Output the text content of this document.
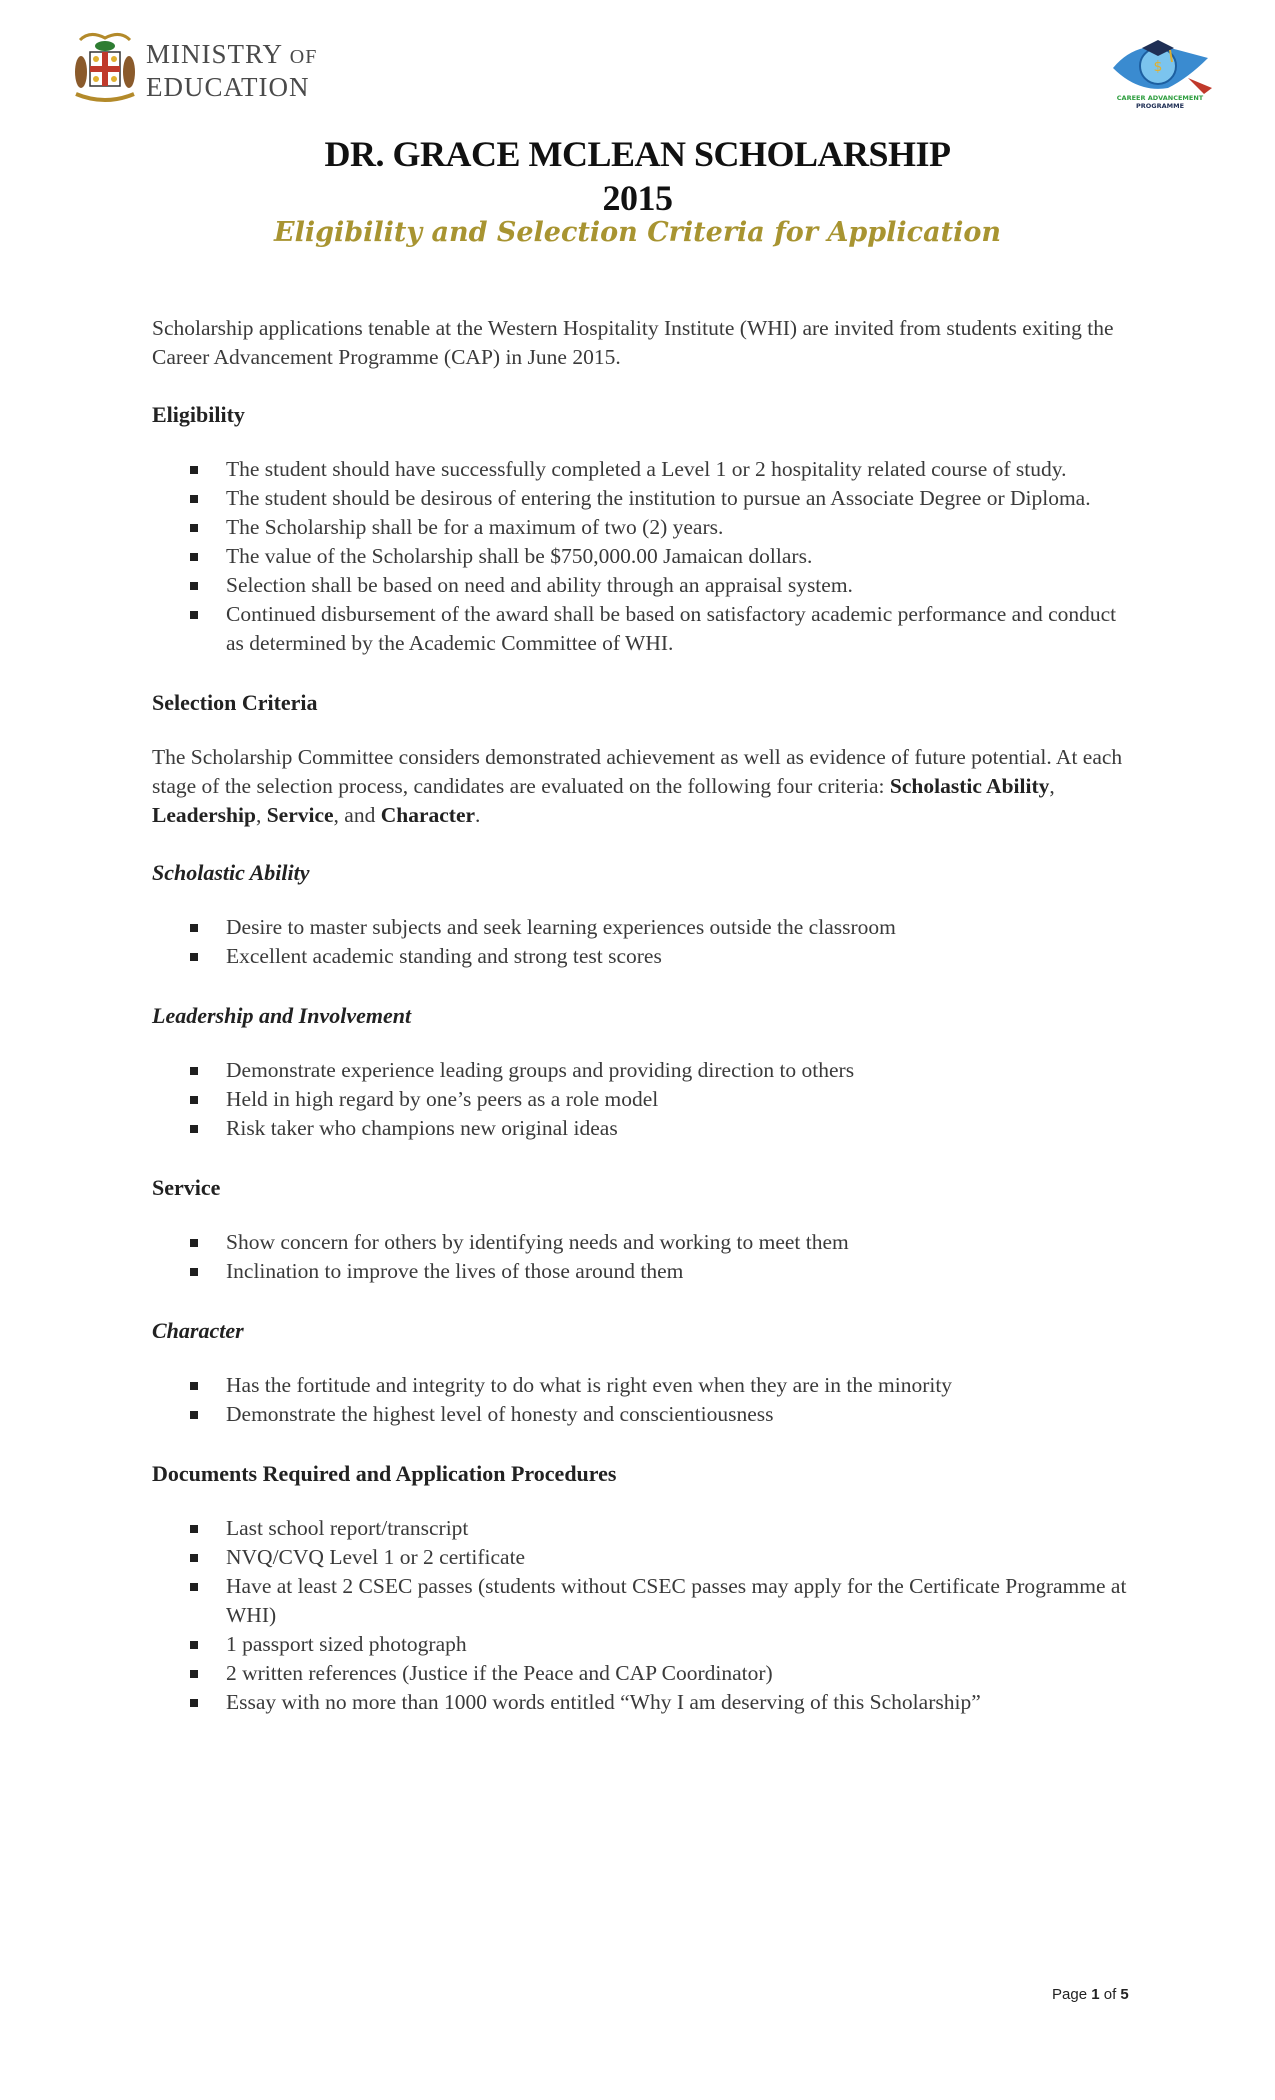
MINISTRY OF
EDUCATION
$
CAREER ADVANCEMENT
PROGRAMME
DR. GRACE MCLEAN SCHOLARSHIP
2015
Eligibility and Selection Criteria for Application

Scholarship applications tenable at the Western Hospitality Institute (WHI) are invited from students exiting the Career Advancement Programme (CAP) in June 2015.

Eligibility
The student should have successfully completed a Level 1 or 2 hospitality related course of study.
The student should be desirous of entering the institution to pursue an Associate Degree or Diploma.
The Scholarship shall be for a maximum of two (2) years.
The value of the Scholarship shall be $750,000.00 Jamaican dollars.
Selection shall be based on need and ability through an appraisal system.
Continued disbursement of the award shall be based on satisfactory academic performance and conduct as determined by the Academic Committee of WHI.
Selection Criteria

The Scholarship Committee considers demonstrated achievement as well as evidence of future potential. At each stage of the selection process, candidates are evaluated on the following four criteria: Scholastic Ability, Leadership, Service, and Character.

Scholastic Ability
Desire to master subjects and seek learning experiences outside the classroom
Excellent academic standing and strong test scores
Leadership and Involvement
Demonstrate experience leading groups and providing direction to others
Held in high regard by one’s peers as a role model
Risk taker who champions new original ideas
Service
Show concern for others by identifying needs and working to meet them
Inclination to improve the lives of those around them
Character
Has the fortitude and integrity to do what is right even when they are in the minority
Demonstrate the highest level of honesty and conscientiousness
Documents Required and Application Procedures
Last school report/transcript
NVQ/CVQ Level 1 or 2 certificate
Have at least 2 CSEC passes (students without CSEC passes may apply for the Certificate Programme at WHI)
1 passport sized photograph
2 written references (Justice if the Peace and CAP Coordinator)
Essay with no more than 1000 words entitled “Why I am deserving of this Scholarship”
Page 1 of 5
